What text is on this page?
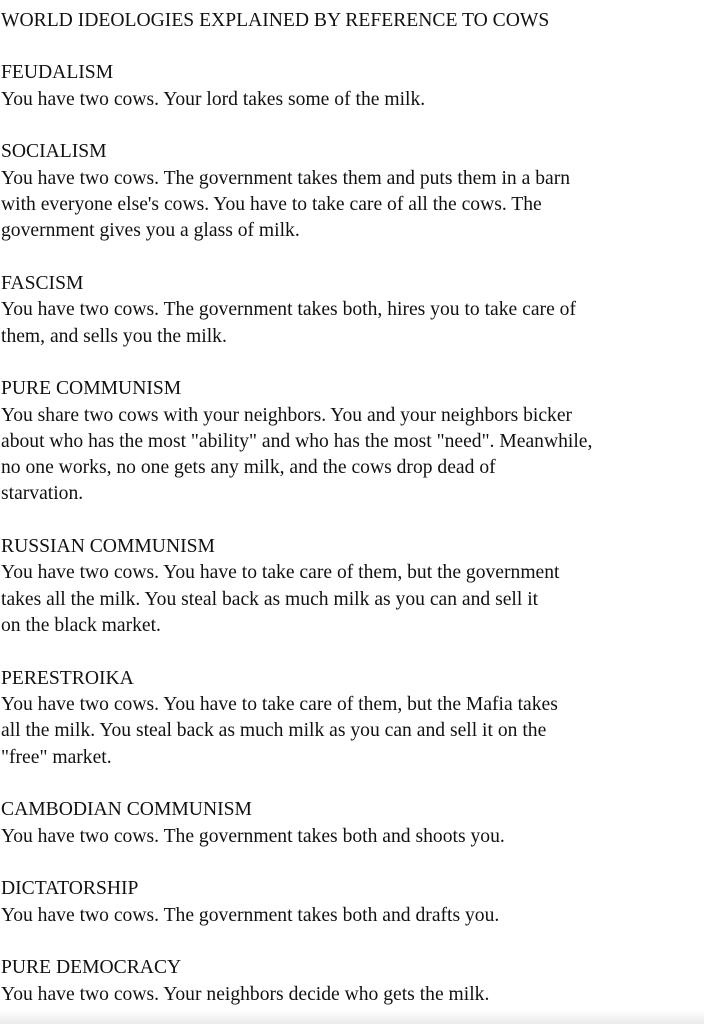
WORLD IDEOLOGIES EXPLAINED BY REFERENCE TO COWS
FEUDALISM
You have two cows. Your lord takes some of the milk.
SOCIALISM
You have two cows. The government takes them and puts them in a barn
with everyone else's cows. You have to take care of all the cows. The
government gives you a glass of milk.
FASCISM
You have two cows. The government takes both, hires you to take care of
them, and sells you the milk.
PURE COMMUNISM
You share two cows with your neighbors. You and your neighbors bicker
about who has the most "ability" and who has the most "need". Meanwhile,
no one works, no one gets any milk, and the cows drop dead of
starvation.
RUSSIAN COMMUNISM
You have two cows. You have to take care of them, but the government
takes all the milk. You steal back as much milk as you can and sell it
on the black market.
PERESTROIKA
You have two cows. You have to take care of them, but the Mafia takes
all the milk. You steal back as much milk as you can and sell it on the
"free" market.
CAMBODIAN COMMUNISM
You have two cows. The government takes both and shoots you.
DICTATORSHIP
You have two cows. The government takes both and drafts you.
PURE DEMOCRACY
You have two cows. Your neighbors decide who gets the milk.
